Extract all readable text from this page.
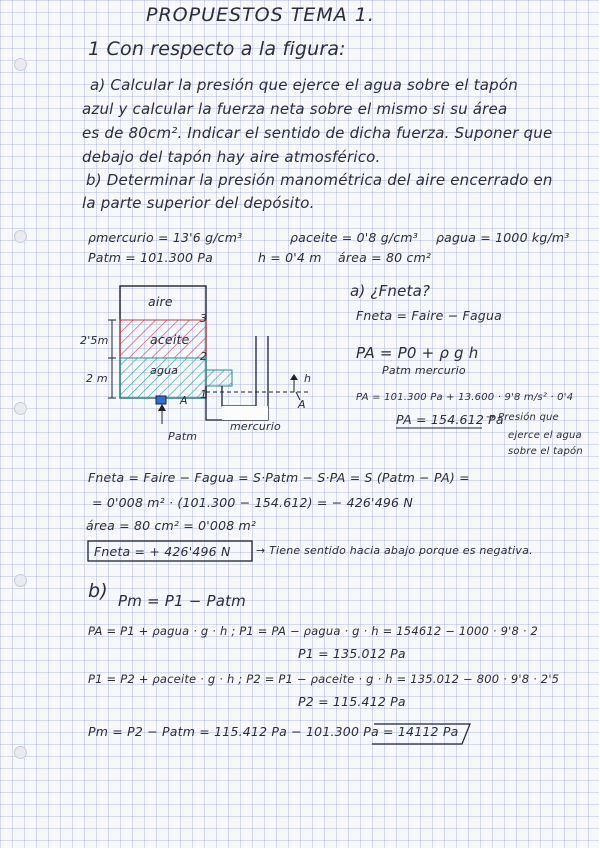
PROPUESTOS TEMA 1.
1 Con respecto a la figura:
a) Calcular la presión que ejerce el agua sobre el tapón
azul y calcular la fuerza neta sobre el mismo si su área
es de 80cm². Indicar el sentido de dicha fuerza. Suponer que
debajo del tapón hay aire atmosférico.
b) Determinar la presión manométrica del aire encerrado en
la parte superior del depósito.
ρmercurio = 13'6 g/cm³	ρaceite = 0'8 g/cm³ ρagua = 1000 kg/m³
Patm = 101.300 Pa	h = 0'4 m área = 80 cm²
aire
aceite
agua
mercurio
Patm
2'5m
2 m
3
2
1
A	A
h
a) ¿Fneta?
Fneta = Faire − Fagua
PA = P0 + ρ g h
Patm mercurio
PA = 101.300 Pa + 13.600 · 9'8 m/s² · 0'4
PA = 154.612 Pa
→ Presión que
ejerce el agua
sobre el tapón
Fneta = Faire − Fagua = S·Patm − S·PA = S (Patm − PA) =
= 0'008 m² · (101.300 − 154.612) = − 426'496 N
área = 80 cm² = 0'008 m²
Fneta = + 426'496 N → Tiene sentido hacia abajo porque es negativa.
b) Pm = P1 − Patm
PA = P1 + ρagua · g · h ; P1 = PA − ρagua · g · h = 154612 − 1000 · 9'8 · 2
P1 = 135.012 Pa
P1 = P2 + ρaceite · g · h ; P2 = P1 − ρaceite · g · h = 135.012 − 800 · 9'8 · 2'5
P2 = 115.412 Pa
Pm = P2 − Patm = 115.412 Pa − 101.300 Pa = 14112 Pa
